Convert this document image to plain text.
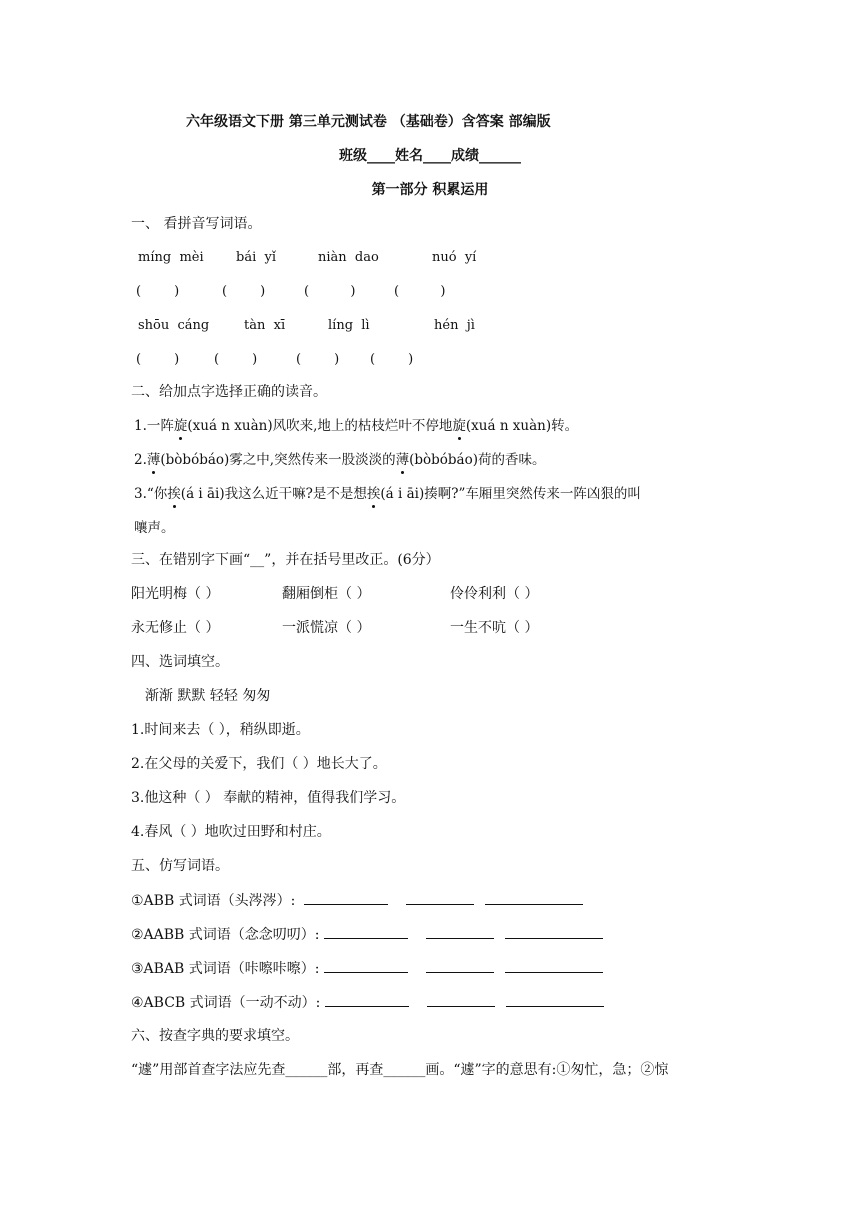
六年级语文下册 第三单元测试卷 （基础卷）含答案 部编版
班级____姓名____成绩______
第一部分 积累运用
一、 看拼音写词语。
míng  mèi bái  yǐ	niàn  dao	nuó  yí
(        )	(        )	(          )	(          )
shōu  cáng	tàn  xī	líng  lì	hén  jì
(        )	(        )	(        ) (        )
二、给加点字选择正确的读音。
1.一阵旋(xuá n xuàn)风吹来,地上的枯枝烂叶不停地旋(xuá n xuàn)转。
2.薄(bòbóbáo)雾之中,突然传来一股淡淡的薄(bòbóbáo)荷的香味。
3.“你挨(á i āi)我这么近干嘛?是不是想挨(á i āi)揍啊?”车厢里突然传来一阵凶狠的叫
嚷声。
三、在错别字下画“__”，并在括号里改正。(6分）
阳光明梅（ ）	翻厢倒柜（ ）	伶伶利利（ ）
永无修止（ ）	一派慌凉（ ）	一生不吭（ ）
四、选词填空。
渐渐 默默 轻轻 匆匆
1.时间来去（ ），稍纵即逝。
2.在父母的关爱下，我们（ ）地长大了。
3.他这种（ ） 奉献的精神，值得我们学习。
4.春风（ ）地吹过田野和村庄。
五、仿写词语。
①ABB 式词语（头涔涔）:
②AABB 式词语（念念叨叨）:
③ABAB 式词语（咔嚓咔嚓）:
④ABCB 式词语（一动不动）:
六、按查字典的要求填空。
“遽”用部首查字法应先查______部，再查______画。“遽”字的意思有:①匆忙，急；②惊
